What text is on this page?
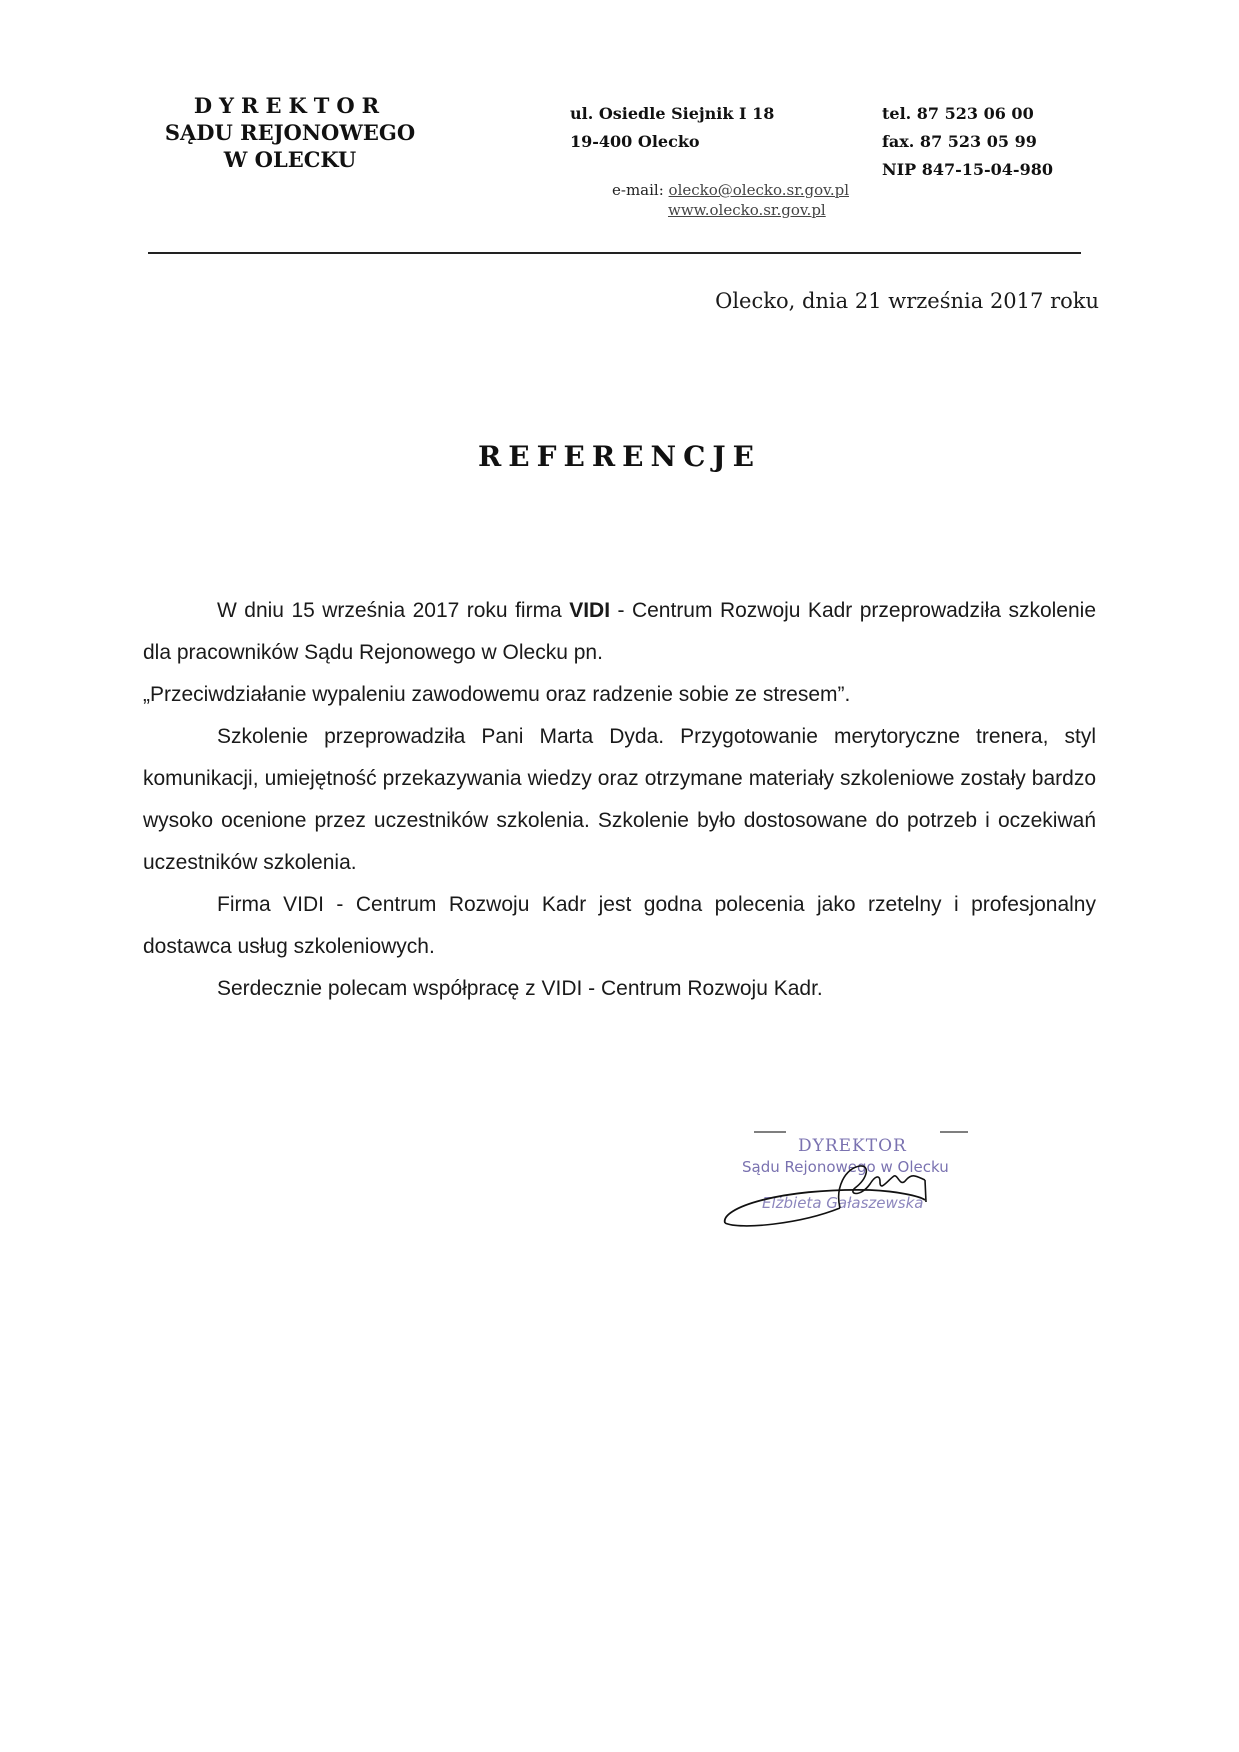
DYREKTOR
SĄDU REJONOWEGO
W OLECKU
ul. Osiedle Siejnik I 18
19-400 Olecko
e-mail: olecko@olecko.sr.gov.pl
www.olecko.sr.gov.pl
tel. 87 523 06 00
fax. 87 523 05 99
NIP 847-15-04-980
Olecko, dnia 21 września 2017 roku
REFERENCJE

W dniu 15 września 2017 roku firma VIDI - Centrum Rozwoju Kadr przeprowadziła szkolenie dla pracowników Sądu Rejonowego w Olecku pn.

„Przeciwdziałanie wypaleniu zawodowemu oraz radzenie sobie ze stresem”.

Szkolenie przeprowadziła Pani Marta Dyda. Przygotowanie merytoryczne trenera, styl komunikacji, umiejętność przekazywania wiedzy oraz otrzymane materiały szkoleniowe zostały bardzo wysoko ocenione przez uczestników szkolenia. Szkolenie było dostosowane do potrzeb i oczekiwań uczestników szkolenia.

Firma VIDI - Centrum Rozwoju Kadr jest godna polecenia jako rzetelny i profesjonalny dostawca usług szkoleniowych.

Serdecznie polecam współpracę z VIDI - Centrum Rozwoju Kadr.

DYREKTOR
Sądu Rejonowego w Olecku
Elżbieta Gałaszewska
